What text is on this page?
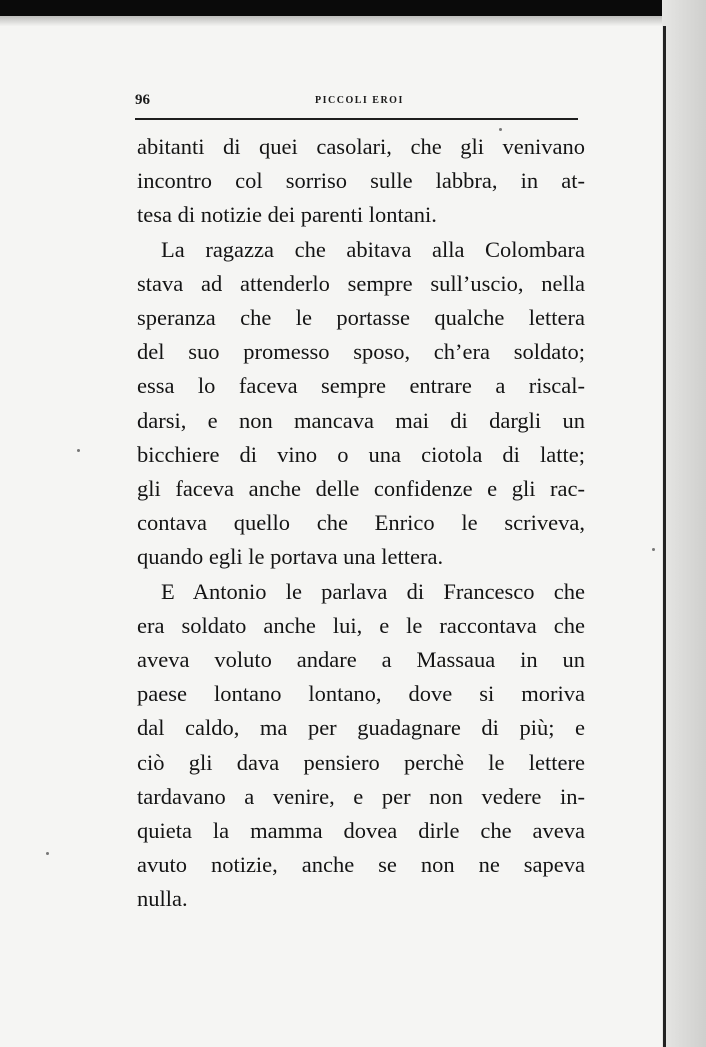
96	PICCOLI EROI
abitanti di quei casolari, che gli venivano
incontro col sorriso sulle labbra, in at-
tesa di notizie dei parenti lontani.
La ragazza che abitava alla Colombara
stava ad attenderlo sempre sull’uscio, nella
speranza che le portasse qualche lettera
del suo promesso sposo, ch’era soldato;
essa lo faceva sempre entrare a riscal-
darsi, e non mancava mai di dargli un
bicchiere di vino o una ciotola di latte;
gli faceva anche delle confidenze e gli rac-
contava quello che Enrico le scriveva,
quando egli le portava una lettera.
E Antonio le parlava di Francesco che
era soldato anche lui, e le raccontava che
aveva voluto andare a Massaua in un
paese lontano lontano, dove si moriva
dal caldo, ma per guadagnare di più; e
ciò gli dava pensiero perchè le lettere
tardavano a venire, e per non vedere in-
quieta la mamma dovea dirle che aveva
avuto notizie, anche se non ne sapeva
nulla.
